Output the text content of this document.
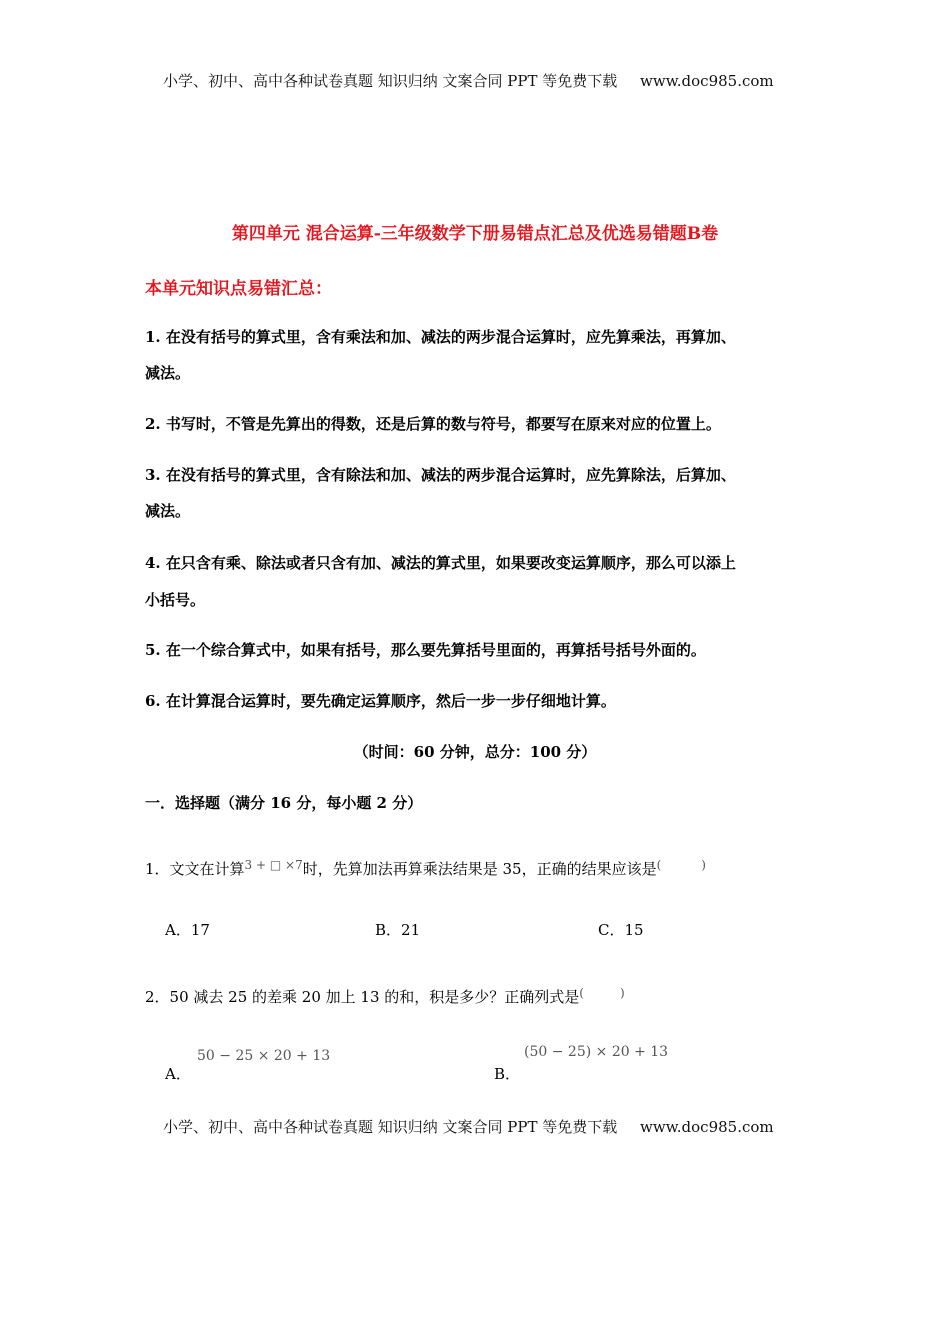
小学、初中、高中各种试卷真题 知识归纳 文案合同 PPT 等免费下载 www.doc985.com
第四单元 混合运算-三年级数学下册易错点汇总及优选易错题B卷
本单元知识点易错汇总：
1. 在没有括号的算式里，含有乘法和加、减法的两步混合运算时，应先算乘法，再算加、
减法。
2. 书写时，不管是先算出的得数，还是后算的数与符号，都要写在原来对应的位置上。
3. 在没有括号的算式里，含有除法和加、减法的两步混合运算时，应先算除法，后算加、
减法。
4. 在只含有乘、除法或者只含有加、减法的算式里，如果要改变运算顺序，那么可以添上
小括号。
5. 在一个综合算式中，如果有括号，那么要先算括号里面的，再算括号括号外面的。
6. 在计算混合运算时，要先确定运算顺序，然后一步一步仔细地计算。
（时间：60 分钟，总分：100 分）
一．选择题（满分 16 分，每小题 2 分）
1．文文在计算$^{3 + □ \times 7}$时，先算加法再算乘法结果是 35，正确的结果应该是(	)
A．17	B．21	C．15
2．50 减去 25 的差乘 20 加上 13 的和，积是多少？正确列式是(	)
A．
50 − 25 × 20 + 13
B．
(50 − 25) × 20 + 13
小学、初中、高中各种试卷真题 知识归纳 文案合同 PPT 等免费下载 www.doc985.com
